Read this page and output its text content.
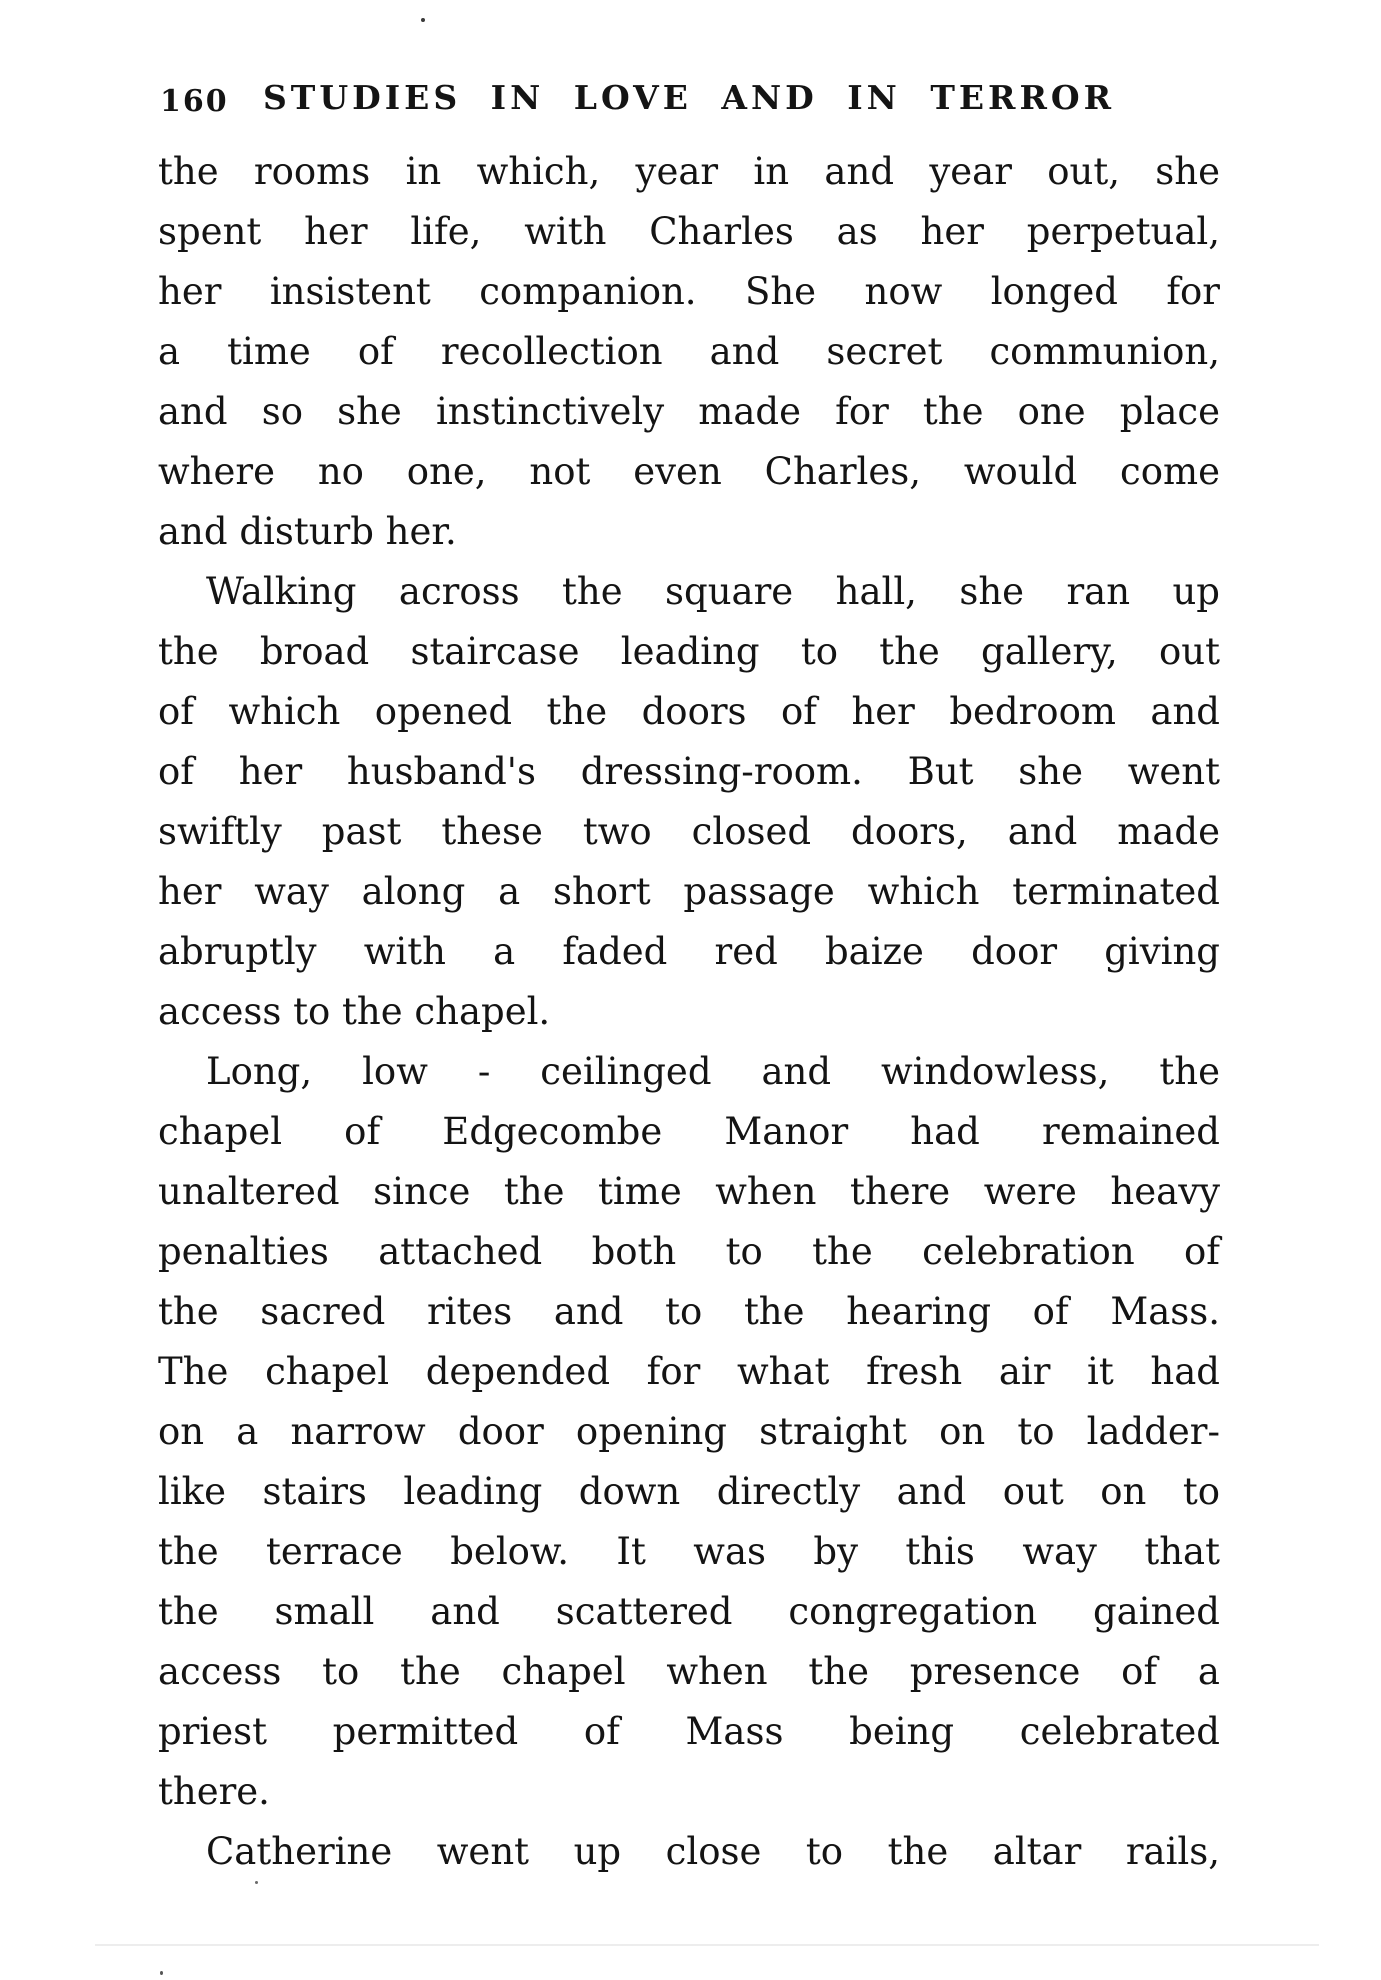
160	STUDIES IN LOVE AND IN TERROR
the rooms in which, year in and year out, she
spent her life, with Charles as her perpetual,
her insistent companion. She now longed for
a time of recollection and secret communion,
and so she instinctively made for the one place
where no one, not even Charles, would come
and disturb her.
Walking across the square hall, she ran up
the broad staircase leading to the gallery, out
of which opened the doors of her bedroom and
of her husband's dressing-room. But she went
swiftly past these two closed doors, and made
her way along a short passage which terminated
abruptly with a faded red baize door giving
access to the chapel.
Long, low - ceilinged and windowless, the
chapel of Edgecombe Manor had remained
unaltered since the time when there were heavy
penalties attached both to the celebration of
the sacred rites and to the hearing of Mass.
The chapel depended for what fresh air it had
on a narrow door opening straight on to ladder-
like stairs leading down directly and out on to
the terrace below. It was by this way that
the small and scattered congregation gained
access to the chapel when the presence of a
priest permitted of Mass being celebrated
there.
Catherine went up close to the altar rails,
